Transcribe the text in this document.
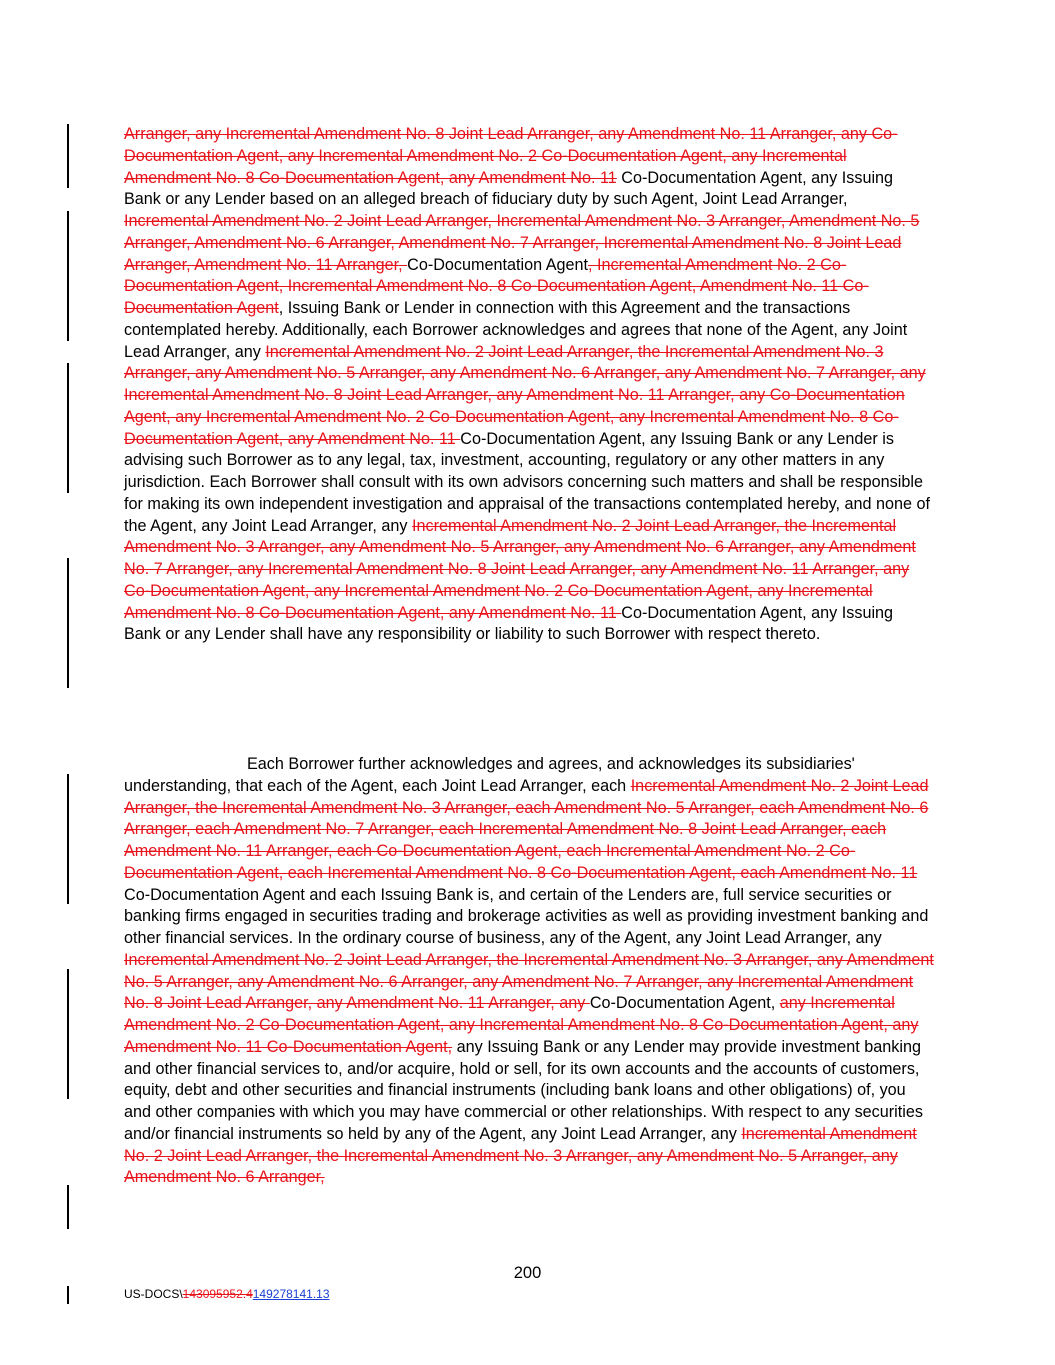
Arranger, any Incremental Amendment No. 8 Joint Lead Arranger, any Amendment No. 11 Arranger, any Co-Documentation Agent, any Incremental Amendment No. 2 Co-Documentation Agent, any Incremental Amendment No. 8 Co-Documentation Agent, any Amendment No. 11 Co-Documentation Agent, any Issuing Bank or any Lender based on an alleged breach of fiduciary duty by such Agent, Joint Lead Arranger, Incremental Amendment No. 2 Joint Lead Arranger, Incremental Amendment No. 3 Arranger, Amendment No. 5 Arranger, Amendment No. 6 Arranger, Amendment No. 7 Arranger, Incremental Amendment No. 8 Joint Lead Arranger, Amendment No. 11 Arranger, Co-Documentation Agent, Incremental Amendment No. 2 Co-Documentation Agent, Incremental Amendment No. 8 Co-Documentation Agent, Amendment No. 11 Co-Documentation Agent, Issuing Bank or Lender in connection with this Agreement and the transactions contemplated hereby. Additionally, each Borrower acknowledges and agrees that none of the Agent, any Joint Lead Arranger, any Incremental Amendment No. 2 Joint Lead Arranger, the Incremental Amendment No. 3 Arranger, any Amendment No. 5 Arranger, any Amendment No. 6 Arranger, any Amendment No. 7 Arranger, any Incremental Amendment No. 8 Joint Lead Arranger, any Amendment No. 11 Arranger, any Co-Documentation Agent, any Incremental Amendment No. 2 Co-Documentation Agent, any Incremental Amendment No. 8 Co-Documentation Agent, any Amendment No. 11 Co-Documentation Agent, any Issuing Bank or any Lender is advising such Borrower as to any legal, tax, investment, accounting, regulatory or any other matters in any jurisdiction. Each Borrower shall consult with its own advisors concerning such matters and shall be responsible for making its own independent investigation and appraisal of the transactions contemplated hereby, and none of the Agent, any Joint Lead Arranger, any Incremental Amendment No. 2 Joint Lead Arranger, the Incremental Amendment No. 3 Arranger, any Amendment No. 5 Arranger, any Amendment No. 6 Arranger, any Amendment No. 7 Arranger, any Incremental Amendment No. 8 Joint Lead Arranger, any Amendment No. 11 Arranger, any Co-Documentation Agent, any Incremental Amendment No. 2 Co-Documentation Agent, any Incremental Amendment No. 8 Co-Documentation Agent, any Amendment No. 11 Co-Documentation Agent, any Issuing Bank or any Lender shall have any responsibility or liability to such Borrower with respect thereto.

Each Borrower further acknowledges and agrees, and acknowledges its subsidiaries' understanding, that each of the Agent, each Joint Lead Arranger, each Incremental Amendment No. 2 Joint Lead Arranger, the Incremental Amendment No. 3 Arranger, each Amendment No. 5 Arranger, each Amendment No. 6 Arranger, each Amendment No. 7 Arranger, each Incremental Amendment No. 8 Joint Lead Arranger, each Amendment No. 11 Arranger, each Co-Documentation Agent, each Incremental Amendment No. 2 Co-Documentation Agent, each Incremental Amendment No. 8 Co-Documentation Agent, each Amendment No. 11 Co-Documentation Agent and each Issuing Bank is, and certain of the Lenders are, full service securities or banking firms engaged in securities trading and brokerage activities as well as providing investment banking and other financial services. In the ordinary course of business, any of the Agent, any Joint Lead Arranger, any Incremental Amendment No. 2 Joint Lead Arranger, the Incremental Amendment No. 3 Arranger, any Amendment No. 5 Arranger, any Amendment No. 6 Arranger, any Amendment No. 7 Arranger, any Incremental Amendment No. 8 Joint Lead Arranger, any Amendment No. 11 Arranger, any Co-Documentation Agent, any Incremental Amendment No. 2 Co-Documentation Agent, any Incremental Amendment No. 8 Co-Documentation Agent, any Amendment No. 11 Co-Documentation Agent, any Issuing Bank or any Lender may provide investment banking and other financial services to, and/or acquire, hold or sell, for its own accounts and the accounts of customers, equity, debt and other securities and financial instruments (including bank loans and other obligations) of, you and other companies with which you may have commercial or other relationships. With respect to any securities and/or financial instruments so held by any of the Agent, any Joint Lead Arranger, any Incremental Amendment No. 2 Joint Lead Arranger, the Incremental Amendment No. 3 Arranger, any Amendment No. 5 Arranger, any Amendment No. 6 Arranger,

200
US-DOCS\143095952.4149278141.13
